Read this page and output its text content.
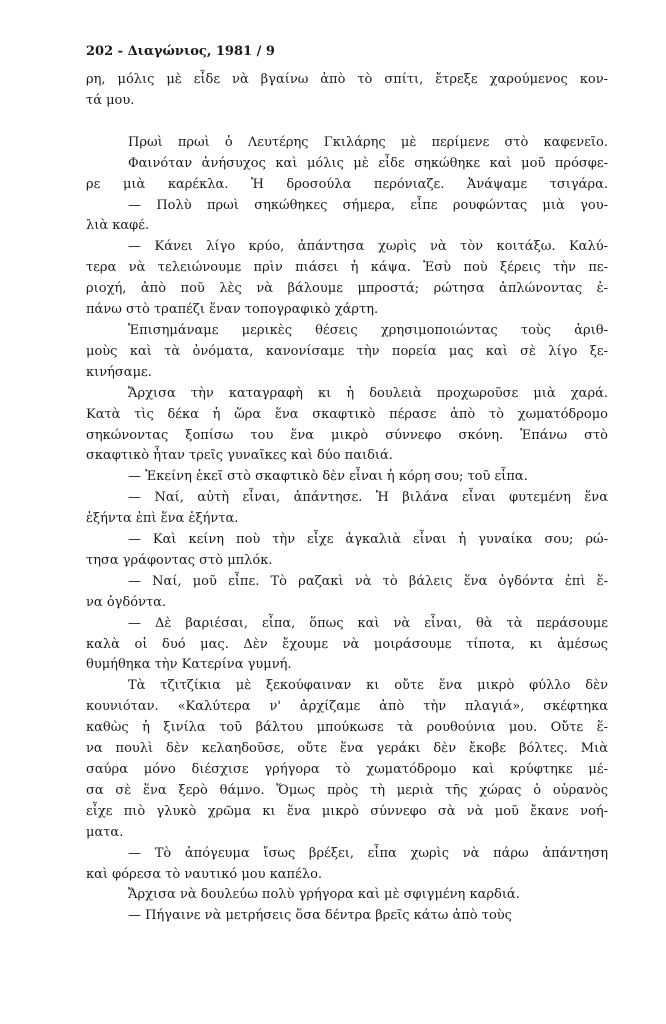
202 - Διαγώνιος, 1981 / 9

ρη, μόλις μὲ εἶδε νὰ βγαίνω ἀπὸ τὸ σπίτι, ἔτρεξε χαρούμενος κον-

τά μου.

Πρωὶ πρωὶ ὁ Λευτέρης Γκιλάρης μὲ περίμενε στὸ καφενεῖο.

Φαινόταν ἀνήσυχος καὶ μόλις μὲ εἶδε σηκώθηκε καὶ μοῦ πρόσφε-

ρε μιὰ καρέκλα. Ἡ δροσούλα περόνιαζε. Ἀνάψαμε τσιγάρα.

— Πολὺ πρωὶ σηκώθηκες σήμερα, εἶπε ρουφώντας μιὰ γου-

λιὰ καφέ.

— Κάνει λίγο κρύο, ἀπάντησα χωρὶς νὰ τὸν κοιτάξω. Καλύ-

τερα νὰ τελειώνουμε πρὶν πιάσει ἡ κάψα. Ἐσὺ ποὺ ξέρεις τὴν πε-

ριοχή, ἀπὸ ποῦ λὲς νὰ βάλουμε μπροστά; ρώτησα ἁπλώνοντας ἐ-

πάνω στὸ τραπέζι ἕναν τοπογραφικὸ χάρτη.

Ἐπισημάναμε μερικὲς θέσεις χρησιμοποιώντας τοὺς ἀριθ-

μοὺς καὶ τὰ ὀνόματα, κανονίσαμε τὴν πορεία μας καὶ σὲ λίγο ξε-

κινήσαμε.

Ἄρχισα τὴν καταγραφὴ κι ἡ δουλειὰ προχωροῦσε μιὰ χαρά.

Κατὰ τὶς δέκα ἡ ὥρα ἕνα σκαφτικὸ πέρασε ἀπὸ τὸ χωματόδρομο

σηκώνοντας ξοπίσω του ἕνα μικρὸ σύννεφο σκόνη. Ἐπάνω στὸ

σκαφτικὸ ἦταν τρεῖς γυναῖκες καὶ δύο παιδιά.

— Ἐκείνη ἐκεῖ στὸ σκαφτικὸ δὲν εἶναι ἡ κόρη σου; τοῦ εἶπα.

— Ναί, αὐτὴ εἶναι, ἀπάντησε. Ἡ βιλάνα εἶναι φυτεμένη ἕνα

ἑξήντα ἐπὶ ἕνα ἑξήντα.

— Καὶ κείνη ποὺ τὴν εἶχε ἀγκαλιὰ εἶναι ἡ γυναίκα σου; ρώ-

τησα γράφοντας στὸ μπλόκ.

— Ναί, μοῦ εἶπε. Τὸ ραζακὶ νὰ τὸ βάλεις ἕνα ὀγδόντα ἐπὶ ἕ-

να ὀγδόντα.

— Δὲ βαριέσαι, εἶπα, ὅπως καὶ νὰ εἶναι, θὰ τὰ περάσουμε

καλὰ οἱ δυό μας. Δὲν ἔχουμε νὰ μοιράσουμε τίποτα, κι ἀμέσως

θυμήθηκα τὴν Κατερίνα γυμνή.

Τὰ τζιτζίκια μὲ ξεκούφαιναν κι οὔτε ἕνα μικρὸ φύλλο δὲν

κουνιόταν. «Καλύτερα ν' ἀρχίζαμε ἀπὸ τὴν πλαγιά», σκέφτηκα

καθὼς ἡ ξινίλα τοῦ βάλτου μπούκωσε τὰ ρουθούνια μου. Οὔτε ἕ-

να πουλὶ δὲν κελαηδοῦσε, οὔτε ἕνα γεράκι δὲν ἔκοβε βόλτες. Μιὰ

σαύρα μόνο διέσχισε γρήγορα τὸ χωματόδρομο καὶ κρύφτηκε μέ-

σα σὲ ἕνα ξερὸ θάμνο. Ὅμως πρὸς τὴ μεριὰ τῆς χώρας ὁ οὐρανὸς

εἶχε πιὸ γλυκὸ χρῶμα κι ἕνα μικρὸ σύννεφο σὰ νὰ μοῦ ἔκανε νοή-

ματα.

— Τὸ ἀπόγευμα ἴσως βρέξει, εἶπα χωρὶς νὰ πάρω ἀπάντηση

καὶ φόρεσα τὸ ναυτικό μου καπέλο.

Ἄρχισα νὰ δουλεύω πολὺ γρήγορα καὶ μὲ σφιγμένη καρδιά.

— Πήγαινε νὰ μετρήσεις ὅσα δέντρα βρεῖς κάτω ἀπὸ τοὺς
